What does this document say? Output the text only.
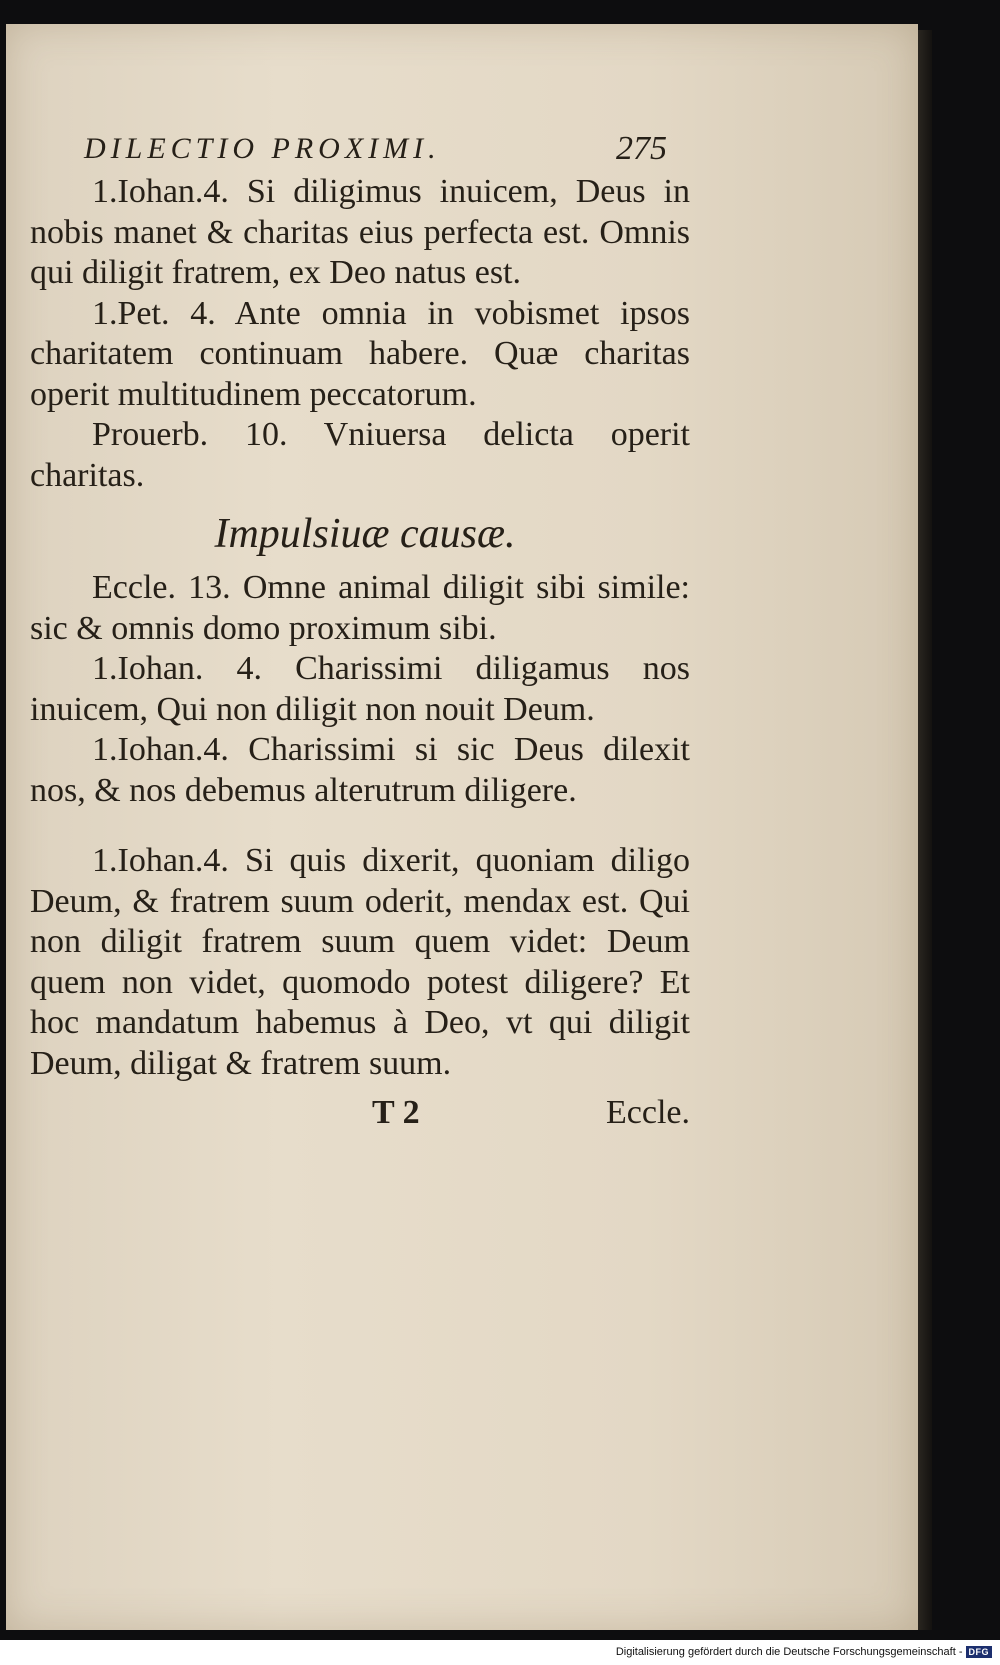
DILECTIO PROXIMI.	275

1.Iohan.4. Si diligimus inuicem, Deus in nobis manet & charitas eius perfecta est. Omnis qui diligit fratrem, ex Deo natus est.

1.Pet. 4. Ante omnia in vobismet ipsos charitatem continuam habere. Quæ charitas operit multitudinem peccatorum.

Prouerb. 10. Vniuersa delicta operit charitas.

Impulsiuæ causæ.

Eccle. 13. Omne animal diligit sibi simile: sic & omnis domo proximum sibi.

1.Iohan. 4. Charissimi diligamus nos inuicem, Qui non diligit non nouit Deum.

1.Iohan.4. Charissimi si sic Deus dilexit nos, & nos debemus alterutrum diligere.

1.Iohan.4. Si quis dixerit, quoniam diligo Deum, & fratrem suum oderit, mendax est. Qui non diligit fratrem suum quem videt: Deum quem non videt, quomodo potest diligere? Et hoc mandatum habemus à Deo, vt qui diligit Deum, diligat & fratrem suum.

T 2	Eccle.
Digitalisierung gefördert durch die Deutsche Forschungsgemeinschaft - DFG
